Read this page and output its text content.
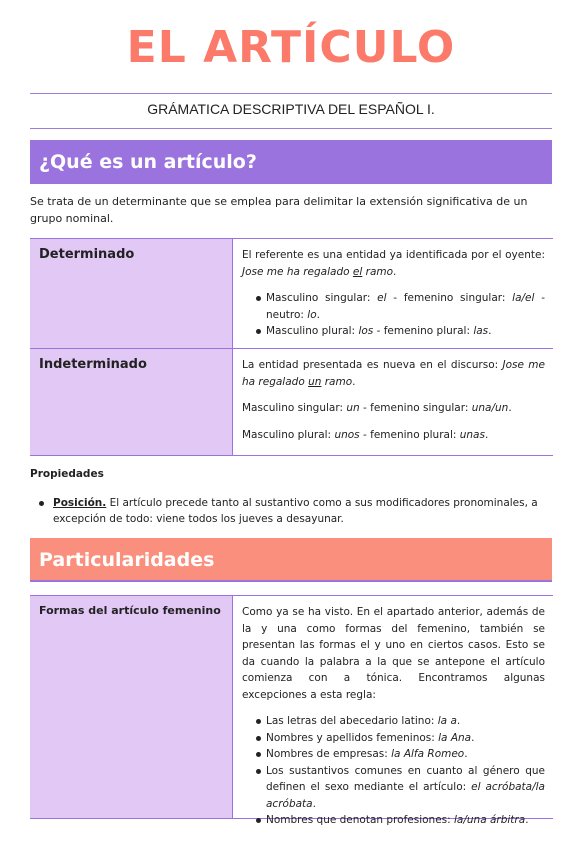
EL ARTÍCULO
GRÁMATICA DESCRIPTIVA DEL ESPAÑOL I.
¿Qué es un artículo?
Se trata de un determinante que se emplea para delimitar la extensión significativa de un grupo nominal.
Determinado	El referente es una entidad ya identificada por el oyente: Jose me ha regalado el ramo.

Masculino singular: el - femenino singular: la/el - neutro: lo.
Masculino plural: los - femenino plural: las.
Indeterminado	La entidad presentada es nueva en el discurso: Jose me ha regalado un ramo.

Masculino singular: un - femenino singular: una/un.

Masculino plural: unos - femenino plural: unas.

Propiedades
Posición. El artículo precede tanto al sustantivo como a sus modificadores pronominales, a excepción de todo: viene todos los jueves a desayunar.
Particularidades
Formas del artículo femenino	Como ya se ha visto. En el apartado anterior, además de la y una como formas del femenino, también se presentan las formas el y uno en ciertos casos. Esto se da cuando la palabra a la que se antepone el artículo comienza con a tónica. Encontramos algunas excepciones a esta regla:

Las letras del abecedario latino: la a.
Nombres y apellidos femeninos: la Ana.
Nombres de empresas: la Alfa Romeo.
Los sustantivos comunes en cuanto al género que definen el sexo mediante el artículo: el acróbata/la acróbata.
Nombres que denotan profesiones: la/una árbitra.
